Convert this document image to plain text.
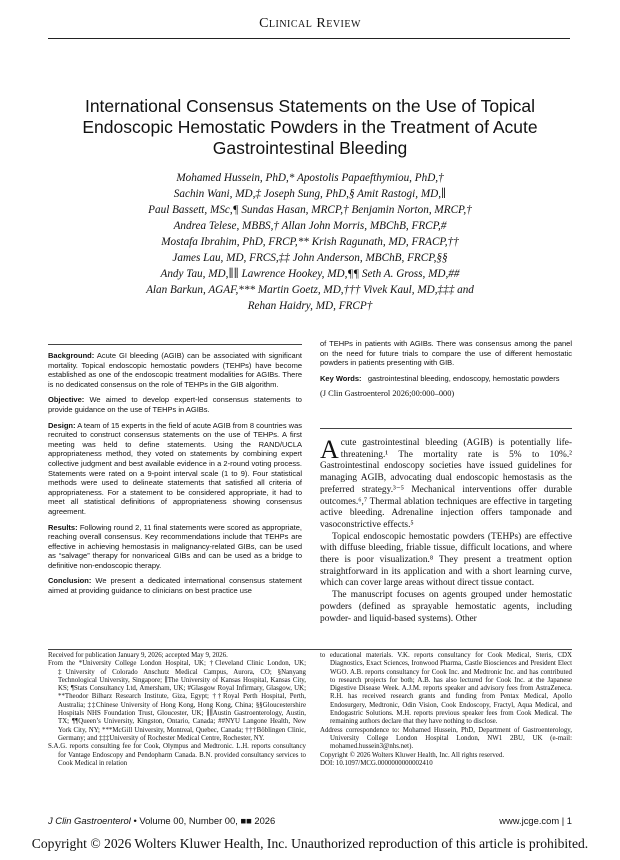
Clinical Review
International Consensus Statements on the Use of Topical Endoscopic Hemostatic Powders in the Treatment of Acute Gastrointestinal Bleeding
Mohamed Hussein, PhD,* Apostolis Papaefthymiou, PhD,†
Sachin Wani, MD,‡ Joseph Sung, PhD,§ Amit Rastogi, MD,∥
Paul Bassett, MSc,¶ Sundas Hasan, MRCP,† Benjamin Norton, MRCP,†
Andrea Telese, MBBS,† Allan John Morris, MBChB, FRCP,#
Mostafa Ibrahim, PhD, FRCP,** Krish Ragunath, MD, FRACP,††
James Lau, MD, FRCS,‡‡ John Anderson, MBChB, FRCP,§§
Andy Tau, MD,∥∥ Lawrence Hookey, MD,¶¶ Seth A. Gross, MD,##
Alan Barkun, AGAF,*** Martin Goetz, MD,††† Vivek Kaul, MD,‡‡‡ and
Rehan Haidry, MD, FRCP†

Background: Acute GI bleeding (AGIB) can be associated with significant mortality. Topical endoscopic hemostatic powders (TEHPs) have become established as one of the endoscopic treatment modalities for AGIBs. There is no dedicated consensus on the role of TEHPs in the GIB algorithm.

Objective: We aimed to develop expert-led consensus statements to provide guidance on the use of TEHPs in AGIBs.

Design: A team of 15 experts in the field of acute AGIB from 8 countries was recruited to construct consensus statements on the use of TEHPs. A first meeting was held to define statements. Using the RAND/UCLA appropriateness method, they voted on statements by combining expert collective judgment and best available evidence in a 2-round voting process. Statements were rated on a 9-point interval scale (1 to 9). Four statistical methods were used to delineate statements that satisfied all criteria of appropriateness. For a statement to be considered appropriate, it had to meet all statistical definitions of appropriateness showing consensus agreement.

Results: Following round 2, 11 final statements were scored as appropriate, reaching overall consensus. Key recommendations include that TEHPs are effective in achieving hemostasis in malignancy-related GIBs, can be used as “salvage” therapy for nonvariceal GIBs and can be used as a bridge to definitive non-endoscopic therapy.

Conclusion: We present a dedicated international consensus statement aimed at providing guidance to clinicians on best practice use

of TEHPs in patients with AGIBs. There was consensus among the panel on the need for future trials to compare the use of different hemostatic powders in patients presenting with GIB.

Key Words: gastrointestinal bleeding, endoscopy, hemostatic powders

(J Clin Gastroenterol 2026;00:000–000)

Acute gastrointestinal bleeding (AGIB) is potentially life-threatening.¹ The mortality rate is 5% to 10%.² Gastrointestinal endoscopy societies have issued guidelines for managing AGIB, advocating dual endoscopic hemostasis as the preferred strategy.³⁻⁵ Mechanical interventions offer durable outcomes.⁶,⁷ Thermal ablation techniques are effective in targeting active bleeding. Adrenaline injection offers tamponade and vasoconstrictive effects.⁵

Topical endoscopic hemostatic powders (TEHPs) are effective with diffuse bleeding, friable tissue, difficult locations, and where there is poor visualization.⁸ They present a treatment option straightforward in its application and with a short learning curve, which can cover large areas without direct tissue contact.

The manuscript focuses on agents grouped under hemostatic powders (defined as sprayable hemostatic agents, including powder- and liquid-based systems). Other

Received for publication January 9, 2026; accepted May 9, 2026.

From the *University College London Hospital, UK; †Cleveland Clinic London, UK; ‡University of Colorado Anschutz Medical Campus, Aurora, CO; §Nanyang Technological University, Singapore; ∥The University of Kansas Hospital, Kansas City, KS; ¶Stats Consultancy Ltd, Amersham, UK; #Glasgow Royal Infirmary, Glasgow, UK; **Theodor Bilharz Research Institute, Giza, Egypt; ††Royal Perth Hospital, Perth, Australia; ‡‡Chinese University of Hong Kong, Hong Kong, China; §§Gloucestershire Hospitals NHS Foundation Trust, Gloucester, UK; ∥∥Austin Gastroenterology, Austin, TX; ¶¶Queen’s University, Kingston, Ontario, Canada; ##NYU Langone Health, New York City, NY; ***McGill University, Montreal, Quebec, Canada; †††Böblingen Clinic, Germany; and ‡‡‡University of Rochester Medical Centre, Rochester, NY.

S.A.G. reports consulting fee for Cook, Olympus and Medtronic. L.H. reports consultancy for Vantage Endoscopy and Pendopharm Canada. B.N. provided consultancy services to Cook Medical in relation

to educational materials. V.K. reports consultancy for Cook Medical, Steris, CDX Diagnostics, Exact Sciences, Ironwood Pharma, Castle Biosciences and President Elect WGO. A.B. reports consultancy for Cook Inc. and Medtronic Inc. and has contributed to research projects for both; A.B. has also lectured for Cook Inc. at the Japanese Digestive Disease Week. A.J.M. reports speaker and advisory fees from AstraZeneca. R.H. has received research grants and funding from Pentax Medical, Apollo Endosurgery, Medtronic, Odin Vision, Cook Endoscopy, Fractyl, Aqua Medical, and Endogastric Solutions. M.H. reports previous speaker fees from Cook Medical. The remaining authors declare that they have nothing to disclose.

Address correspondence to: Mohamed Hussein, PhD, Department of Gastroenterology, University College London Hospital London, NW1 2BU, UK (e-mail: mohamed.hussein3@nhs.net).

Copyright © 2026 Wolters Kluwer Health, Inc. All rights reserved.

DOI: 10.1097/MCG.0000000000002410

J Clin Gastroenterol • Volume 00, Number 00, ■■ 2026	www.jcge.com | 1
Copyright © 2026 Wolters Kluwer Health, Inc. Unauthorized reproduction of this article is prohibited.
